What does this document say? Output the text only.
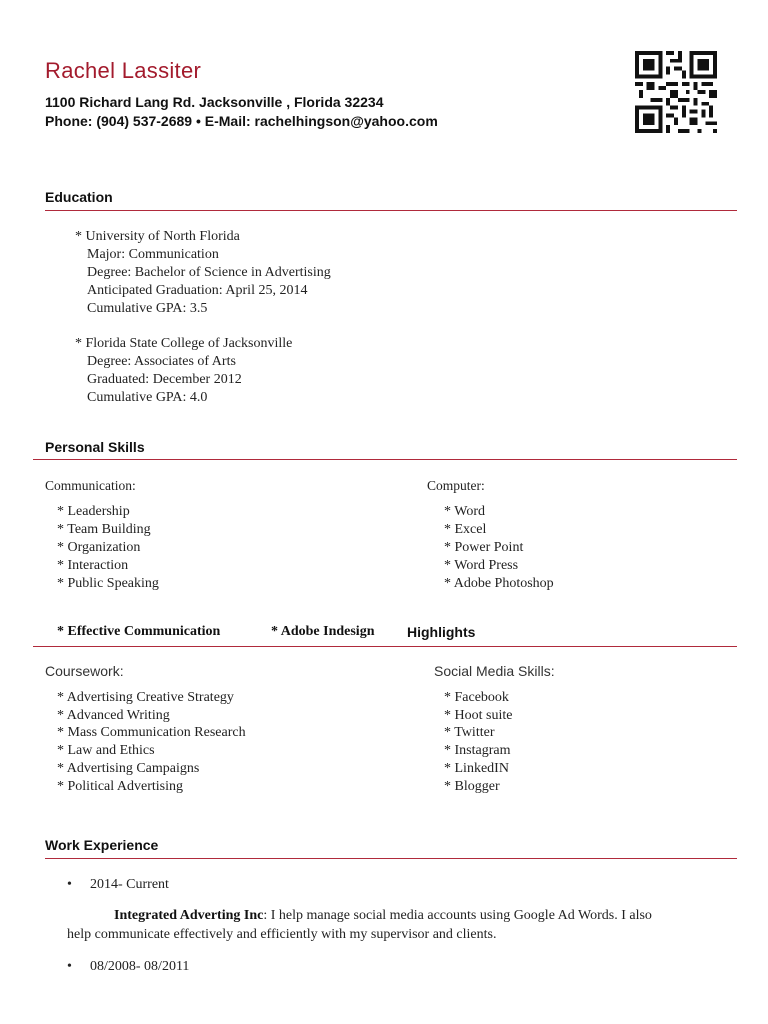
Rachel Lassiter
1100 Richard Lang Rd. Jacksonville , Florida 32234
Phone: (904) 537-2689 • E-Mail: rachelhingson@yahoo.com
Education
* University of North Florida
Major: Communication
Degree: Bachelor of Science in Advertising
Anticipated Graduation: April 25, 2014
Cumulative GPA: 3.5
* Florida State College of Jacksonville
Degree: Associates of Arts
Graduated: December 2012
Cumulative GPA: 4.0
Personal Skills
Communication:
* Leadership
* Team Building
* Organization
* Interaction
* Public Speaking
Computer:
* Word
* Excel
* Power Point
* Word Press
* Adobe Photoshop
* Effective Communication	* Adobe Indesign Highlights
Coursework:
* Advertising Creative Strategy
* Advanced Writing
* Mass Communication Research
* Law and Ethics
* Advertising Campaigns
* Political Advertising
Social Media Skills:
* Facebook
* Hoot suite
* Twitter
* Instagram
* LinkedIN
* Blogger
Work Experience
• 2014- Current
Integrated Adverting Inc: I help manage social media accounts using Google Ad Words. I also
help communicate effectively and efficiently with my supervisor and clients.
• 08/2008- 08/2011
